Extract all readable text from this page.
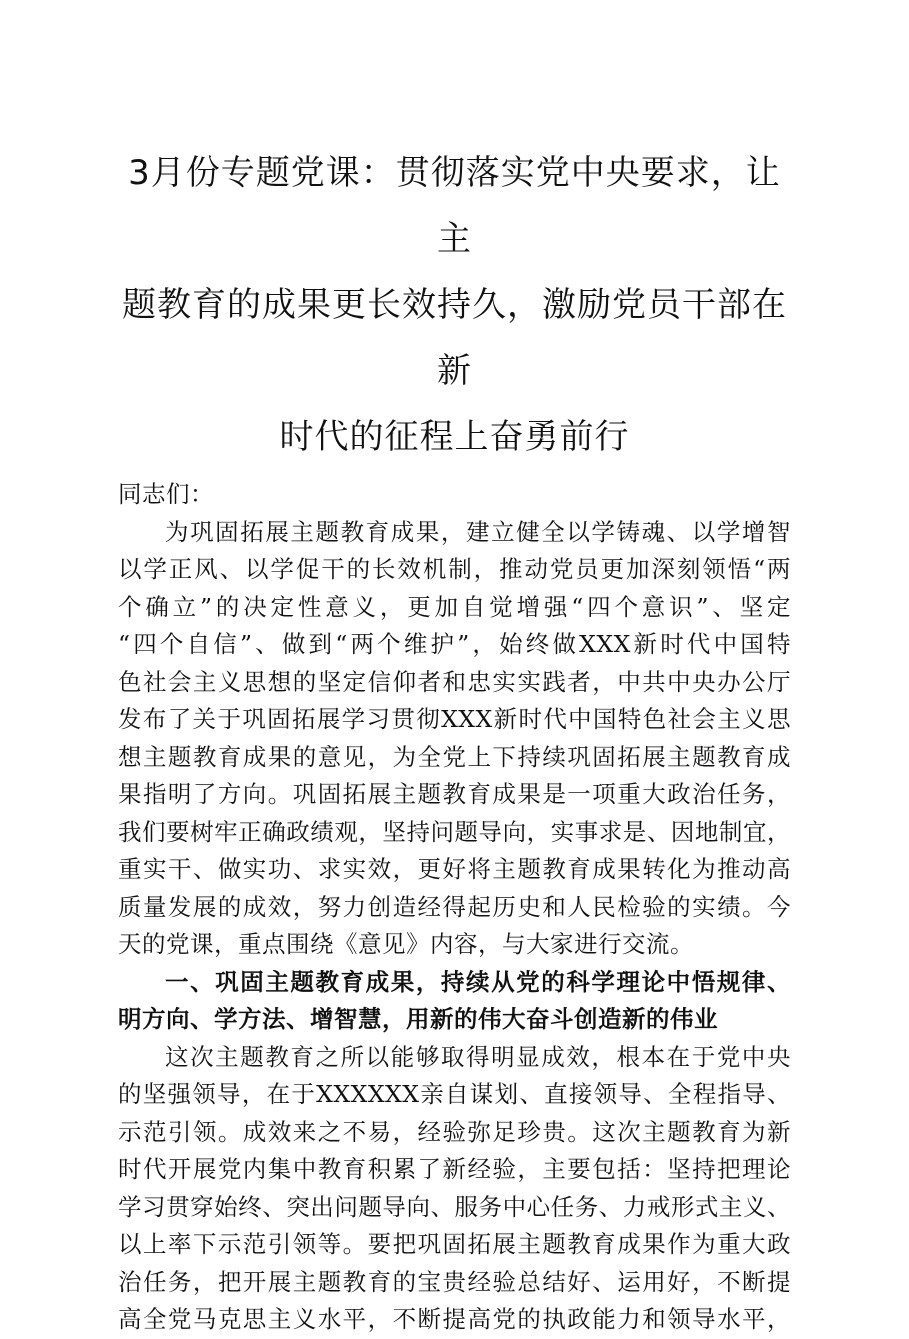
3月份专题党课：贯彻落实党中央要求，让主
题教育的成果更长效持久，激励党员干部在新
时代的征程上奋勇前行

同志们：

为巩固拓展主题教育成果，建立健全以学铸魂、以学增智

以学正风、以学促干的长效机制，推动党员更加深刻领悟“两
个确立”的决定性意义，更加自觉增强“四个意识”、坚定
“四个自信”、做到“两个维护”，始终做XXX新时代中国特
色社会主义思想的坚定信仰者和忠实实践者，中共中央办公厅
发布了关于巩固拓展学习贯彻XXX新时代中国特色社会主义思
想主题教育成果的意见，为全党上下持续巩固拓展主题教育成
果指明了方向。巩固拓展主题教育成果是一项重大政治任务，
我们要树牢正确政绩观，坚持问题导向，实事求是、因地制宜，
重实干、做实功、求实效，更好将主题教育成果转化为推动高
质量发展的成效，努力创造经得起历史和人民检验的实绩。今
天的党课，重点围绕《意见》内容，与大家进行交流。

一、巩固主题教育成果，持续从党的科学理论中悟规律、

明方向、学方法、增智慧，用新的伟大奋斗创造新的伟业

这次主题教育之所以能够取得明显成效，根本在于党中央

的坚强领导，在于XXXXXX亲自谋划、直接领导、全程指导、
示范引领。成效来之不易，经验弥足珍贵。这次主题教育为新
时代开展党内集中教育积累了新经验，主要包括：坚持把理论
学习贯穿始终、突出问题导向、服务中心任务、力戒形式主义、
以上率下示范引领等。要把巩固拓展主题教育成果作为重大政
治任务，把开展主题教育的宝贵经验总结好、运用好，不断提
高全党马克思主义水平，不断提高党的执政能力和领导水平，
